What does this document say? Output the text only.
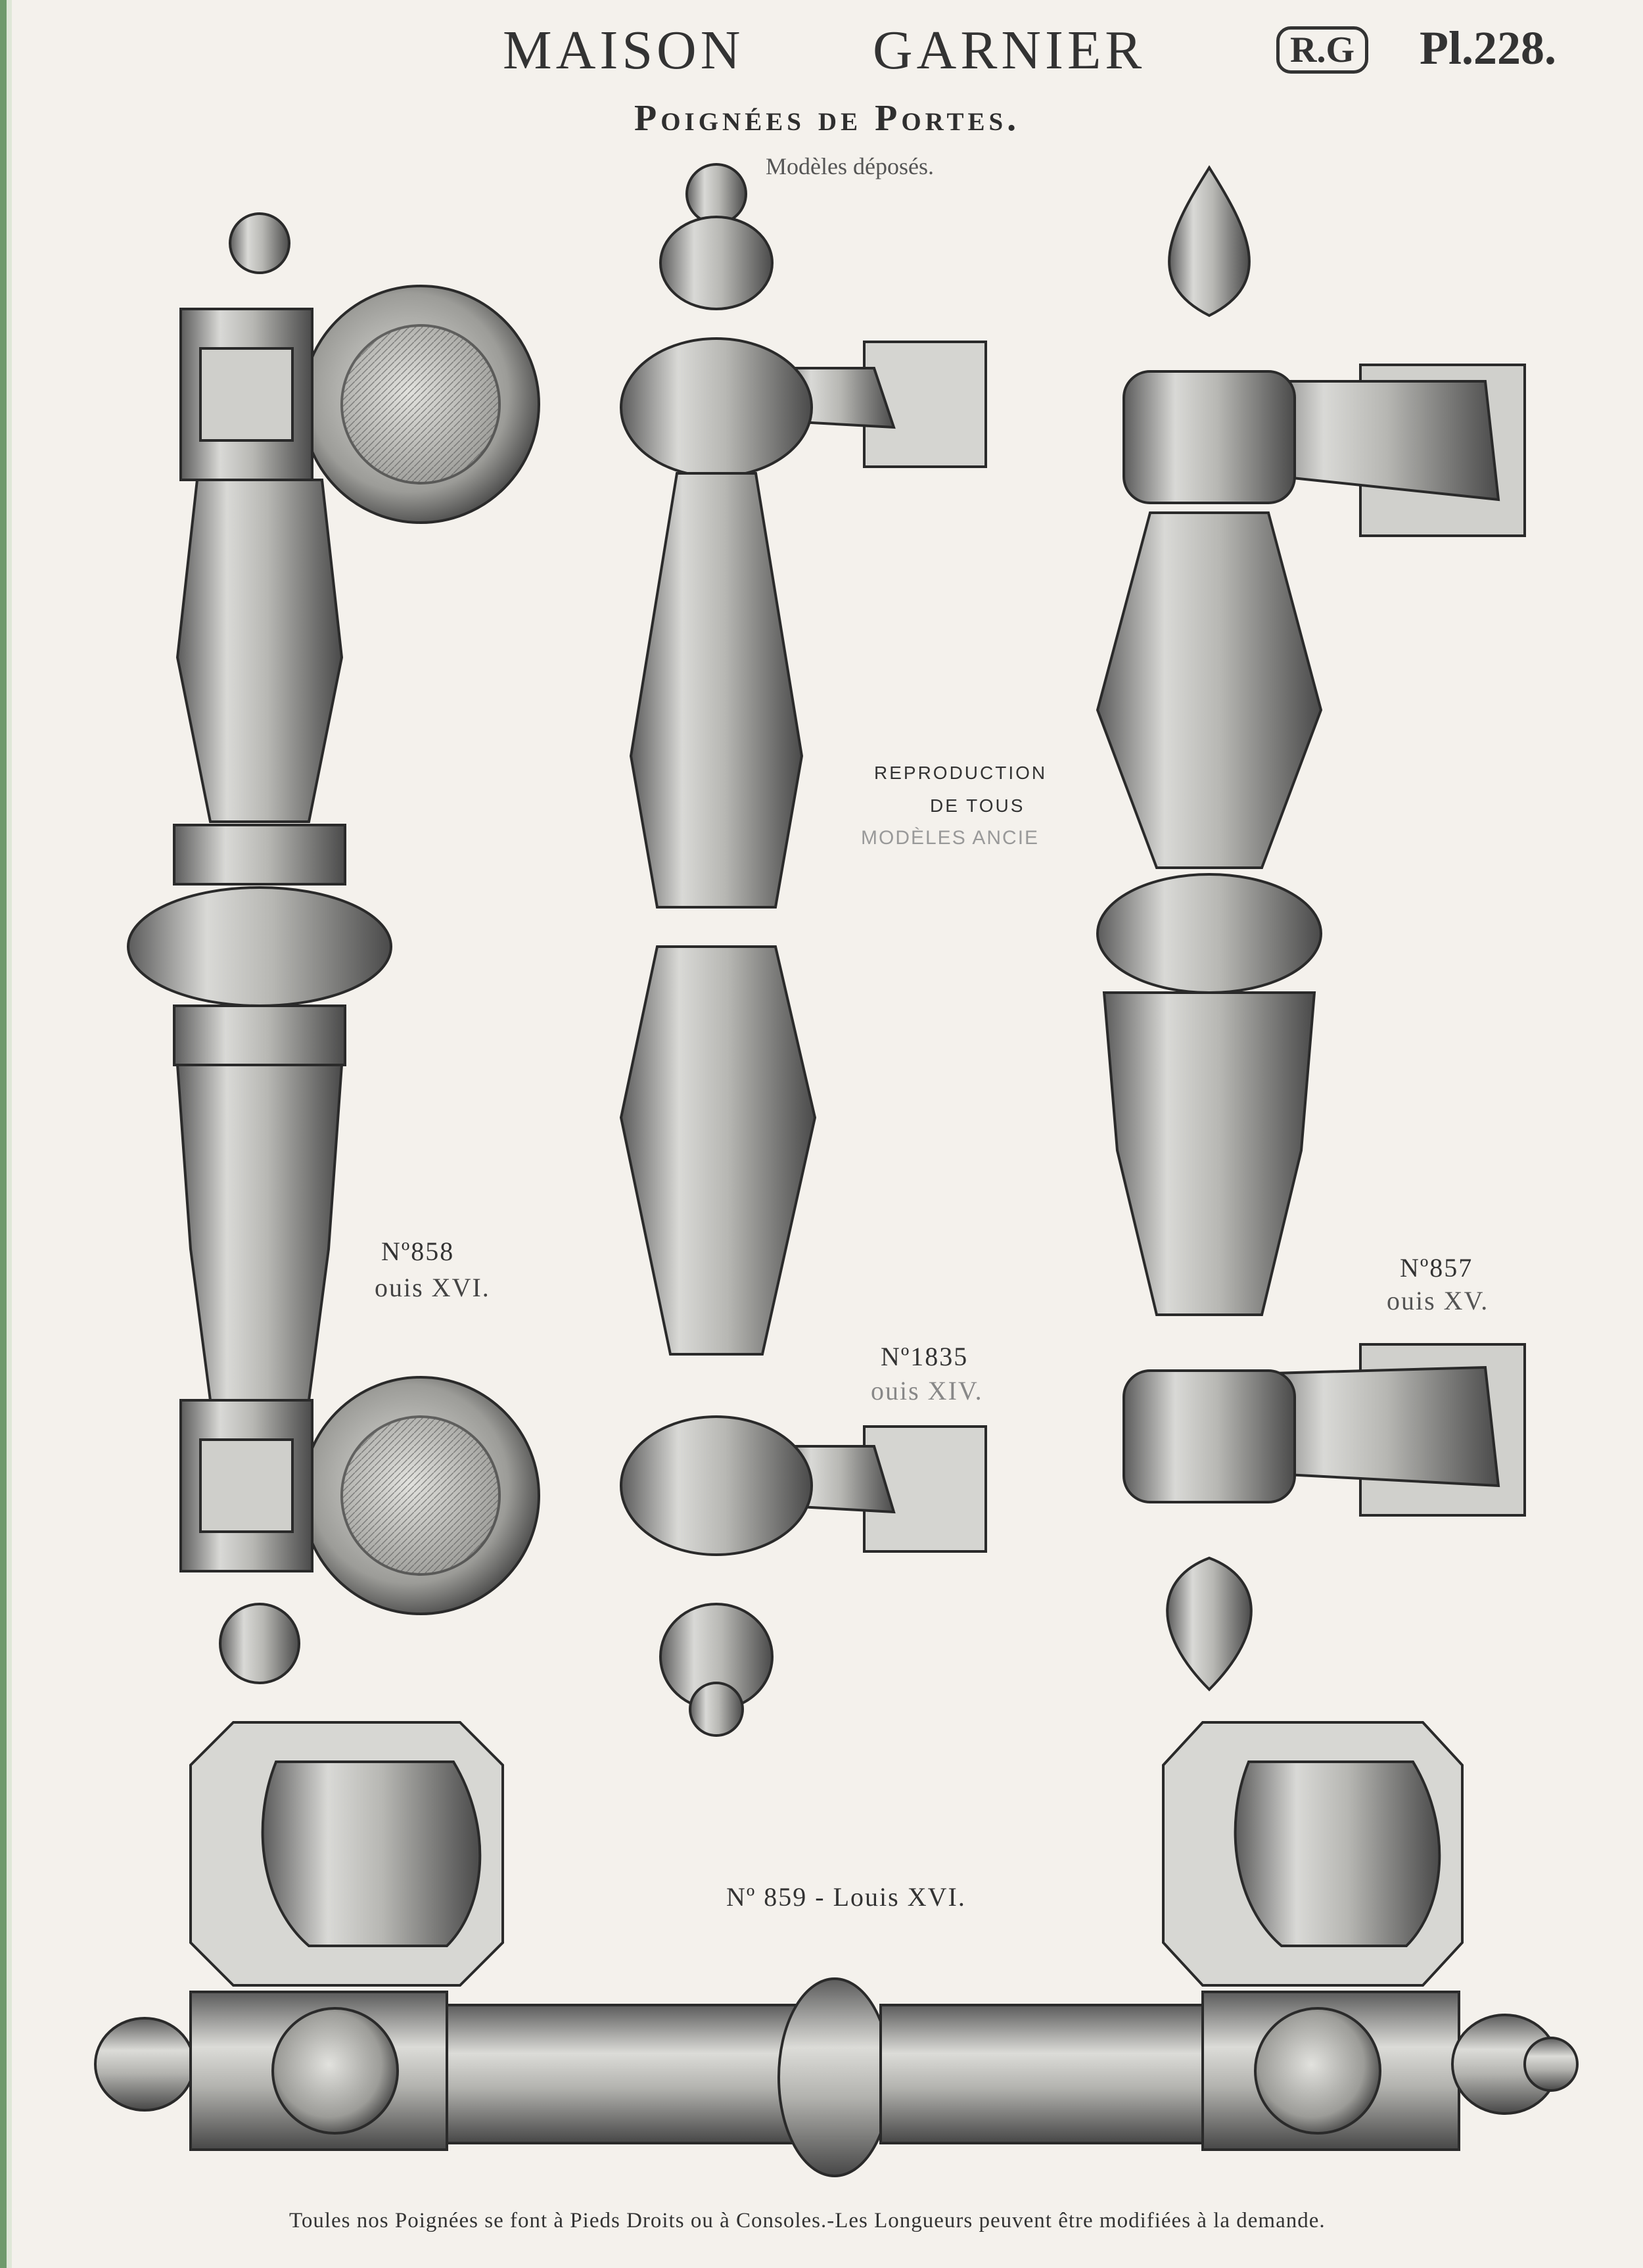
MAISON GARNIER	R.G Pl.228.
Poignées de Portes.
Modèles déposés.
REPRODUCTION
DE TOUS
MODÈLES ANCIE
Nº858
ouis XVI.
Nº1835
ouis XIV.
Nº857
ouis XV.
Nº 859 - Louis XVI.
Toules nos Poignées se font à Pieds Droits ou à Consoles.-Les Longueurs peuvent être modifiées à la demande.
